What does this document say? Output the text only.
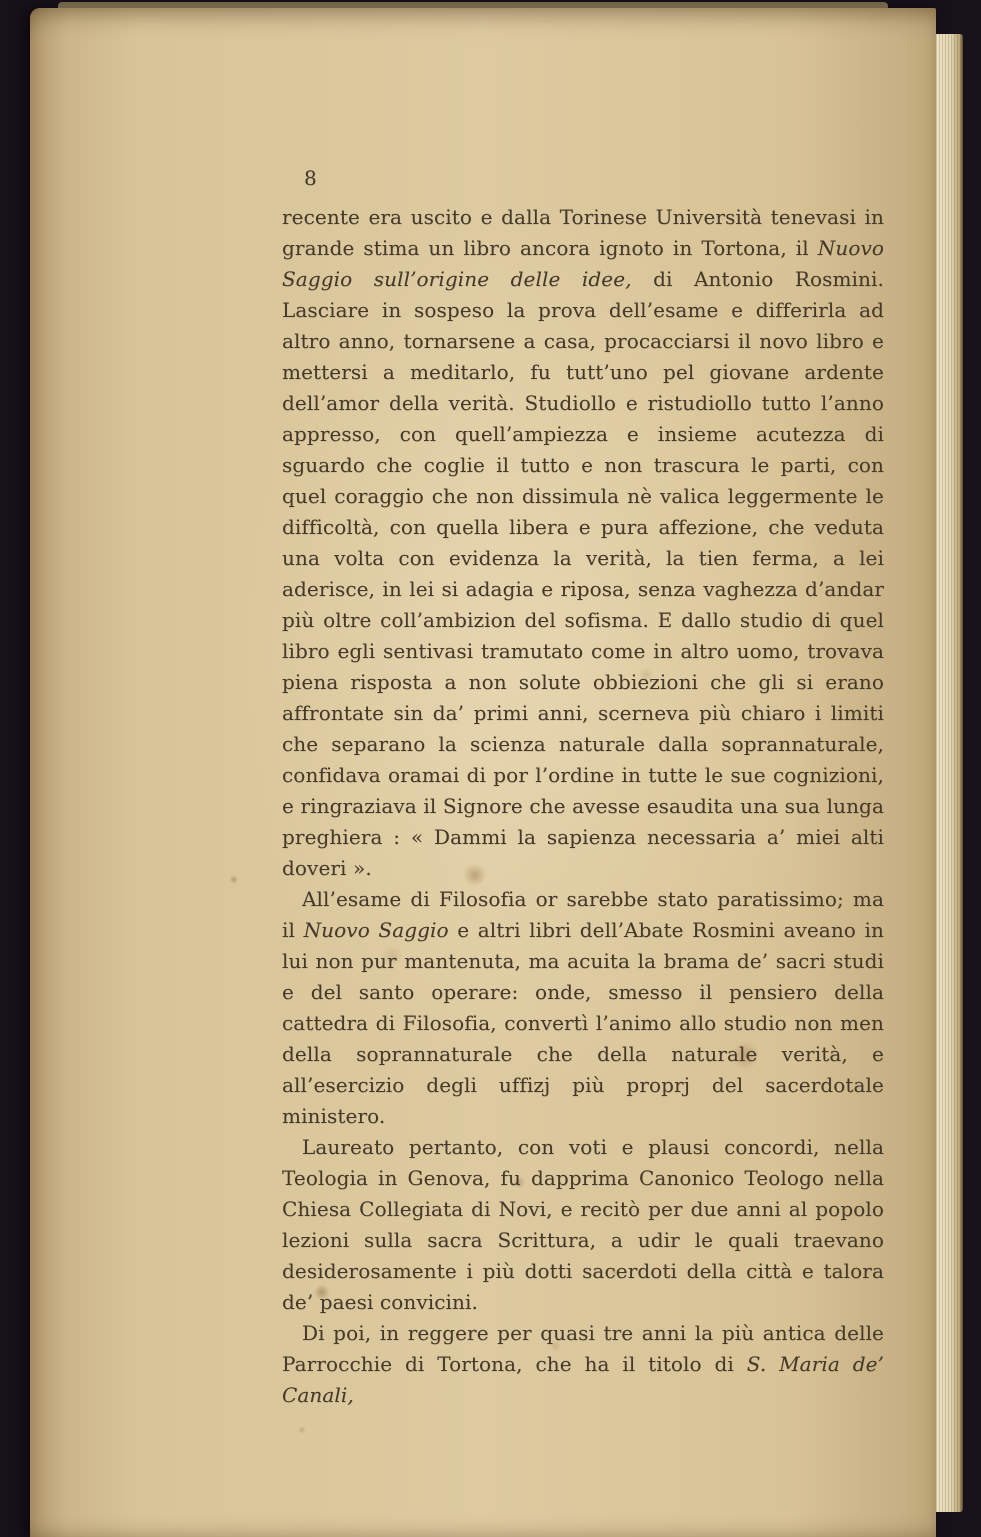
8

recente era uscito e dalla Torinese Università tenevasi in grande stima un libro ancora ignoto in Tortona, il Nuovo Saggio sull’origine delle idee, di Antonio Rosmini. Lasciare in sospeso la prova dell’esame e differirla ad altro anno, tornarsene a casa, procacciarsi il novo libro e mettersi a meditarlo, fu tutt’uno pel giovane ardente dell’amor della verità. Studiollo e ristudiollo tutto l’anno appresso, con quell’ampiezza e insieme acutezza di sguardo che coglie il tutto e non trascura le parti, con quel coraggio che non dissimula nè valica leggermente le difficoltà, con quella libera e pura affezione, che veduta una volta con evidenza la verità, la tien ferma, a lei aderisce, in lei si adagia e riposa, senza vaghezza d’andar più oltre coll’ambizion del sofisma. E dallo studio di quel libro egli sentivasi tramutato come in altro uomo, trovava piena risposta a non solute obbiezioni che gli si erano affrontate sin da’ primi anni, scerneva più chiaro i limiti che separano la scienza naturale dalla soprannaturale, confidava oramai di por l’ordine in tutte le sue cognizioni, e ringraziava il Signore che avesse esaudita una sua lunga preghiera : « Dammi la sapienza necessaria a’ miei alti doveri ».

All’esame di Filosofia or sarebbe stato paratissimo; ma il Nuovo Saggio e altri libri dell’Abate Rosmini aveano in lui non pur mantenuta, ma acuita la brama de’ sacri studi e del santo operare: onde, smesso il pensiero della cattedra di Filosofia, convertì l’animo allo studio non men della soprannaturale che della naturale verità, e all’esercizio degli uffizj più proprj del sacerdotale ministero.

Laureato pertanto, con voti e plausi concordi, nella Teologia in Genova, fu dapprima Canonico Teologo nella Chiesa Collegiata di Novi, e recitò per due anni al popolo lezioni sulla sacra Scrittura, a udir le quali traevano desiderosamente i più dotti sacerdoti della città e talora de’ paesi convicini.

Di poi, in reggere per quasi tre anni la più antica delle Parrocchie di Tortona, che ha il titolo di S. Maria de’ Canali,
